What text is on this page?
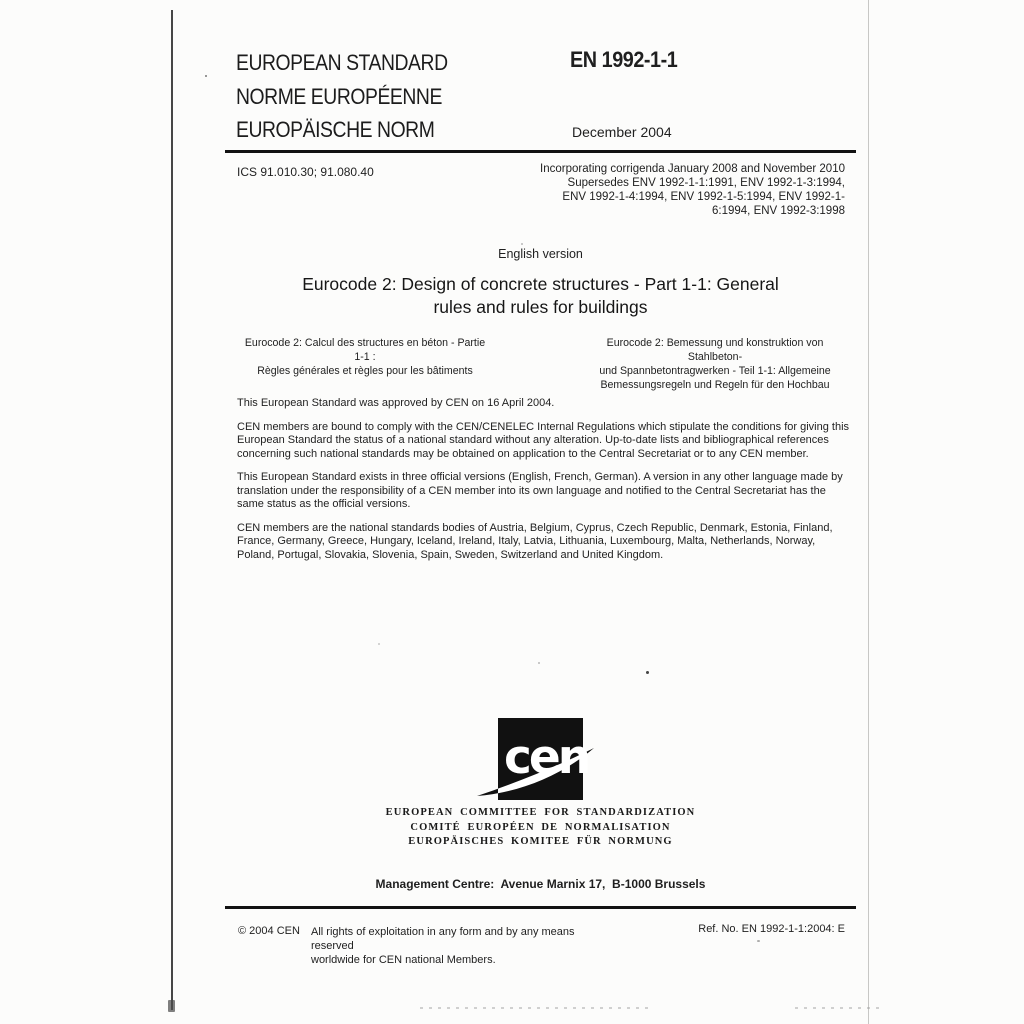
EUROPEAN STANDARD
NORME EUROPÉENNE
EUROPÄISCHE NORM
EN 1992-1-1
December 2004
ICS 91.010.30; 91.080.40	Incorporating corrigenda January 2008 and November 2010
Supersedes ENV 1992-1-1:1991, ENV 1992-1-3:1994,
ENV 1992-1-4:1994, ENV 1992-1-5:1994, ENV 1992-1-
6:1994, ENV 1992-3:1998
English version
Eurocode 2: Design of concrete structures - Part 1-1: General
rules and rules for buildings
Eurocode 2: Calcul des structures en béton - Partie 1-1 :
Règles générales et règles pour les bâtiments
Eurocode 2: Bemessung und konstruktion von Stahlbeton-
und Spannbetontragwerken - Teil 1-1: Allgemeine
Bemessungsregeln und Regeln für den Hochbau

This European Standard was approved by CEN on 16 April 2004.

CEN members are bound to comply with the CEN/CENELEC Internal Regulations which stipulate the conditions for giving this European Standard the status of a national standard without any alteration. Up-to-date lists and bibliographical references concerning such national standards may be obtained on application to the Central Secretariat or to any CEN member.

This European Standard exists in three official versions (English, French, German). A version in any other language made by translation under the responsibility of a CEN member into its own language and notified to the Central Secretariat has the same status as the official versions.

CEN members are the national standards bodies of Austria, Belgium, Cyprus, Czech Republic, Denmark, Estonia, Finland, France, Germany, Greece, Hungary, Iceland, Ireland, Italy, Latvia, Lithuania, Luxembourg, Malta, Netherlands, Norway, Poland, Portugal, Slovakia, Slovenia, Spain, Sweden, Switzerland and United Kingdom.

cen
EUROPEAN COMMITTEE FOR STANDARDIZATION
COMITÉ EUROPÉEN DE NORMALISATION
EUROPÄISCHES KOMITEE FÜR NORMUNG
Management Centre:  Avenue Marnix 17,  B-1000 Brussels
© 2004 CEN All rights of exploitation in any form and by any means reserved
worldwide for CEN national Members.
Ref. No. EN 1992-1-1:2004: E
